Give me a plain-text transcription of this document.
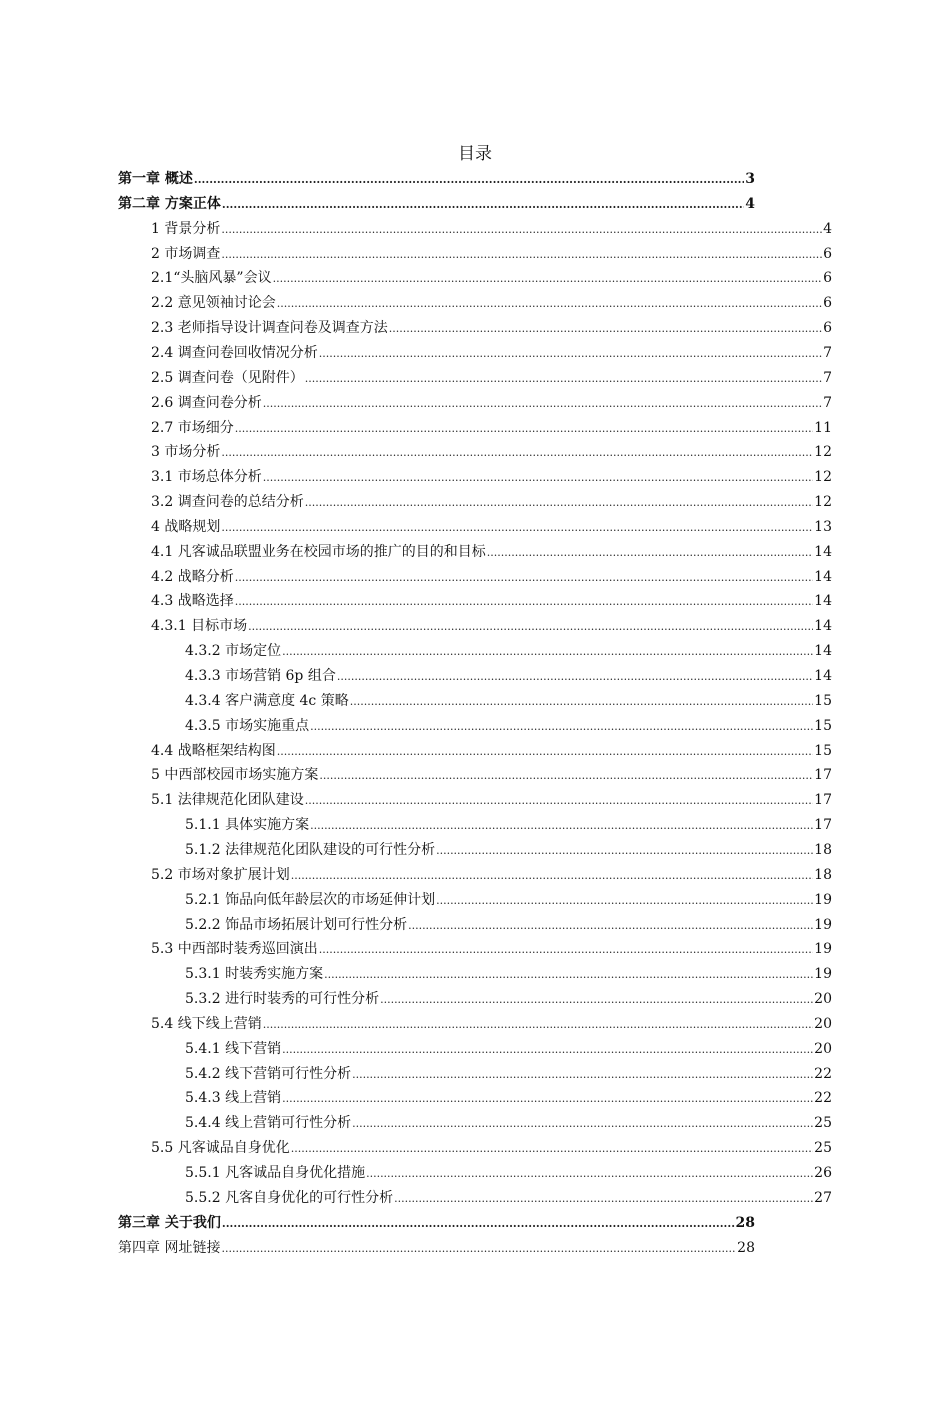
目录
第一章 概述 .....	3
第二章 方案正体 .....	4
1 背景分析 .....	4
2 市场调查 .....	6
2.1“头脑风暴”会议 .....	6
2.2 意见领袖讨论会 .....	6
2.3 老师指导设计调查问卷及调查方法 .....	6
2.4 调查问卷回收情况分析 .....	7
2.5 调查问卷（见附件） .....	7
2.6 调查问卷分析 .....	7
2.7 市场细分 .....	11
3 市场分析 .....	12
3.1 市场总体分析 .....	12
3.2 调查问卷的总结分析 .....	12
4 战略规划 .....	13
4.1 凡客诚品联盟业务在校园市场的推广的目的和目标 .....	14
4.2 战略分析 .....	14
4.3 战略选择 .....	14
4.3.1 目标市场 .....	14
4.3.2 市场定位 .....	14
4.3.3 市场营销 6p 组合 .....	14
4.3.4 客户满意度 4c 策略 .....	15
4.3.5 市场实施重点 .....	15
4.4 战略框架结构图 .....	15
5 中西部校园市场实施方案 .....	17
5.1 法律规范化团队建设 .....	17
5.1.1 具体实施方案 .....	17
5.1.2 法律规范化团队建设的可行性分析 .....	18
5.2 市场对象扩展计划 .....	18
5.2.1 饰品向低年龄层次的市场延伸计划 .....	19
5.2.2 饰品市场拓展计划可行性分析 .....	19
5.3 中西部时装秀巡回演出 .....	19
5.3.1 时装秀实施方案 .....	19
5.3.2 进行时装秀的可行性分析 .....	20
5.4 线下线上营销 .....	20
5.4.1 线下营销 .....	20
5.4.2 线下营销可行性分析 .....	22
5.4.3 线上营销 .....	22
5.4.4 线上营销可行性分析 .....	25
5.5 凡客诚品自身优化 .....	25
5.5.1 凡客诚品自身优化措施 .....	26
5.5.2 凡客自身优化的可行性分析 .....	27
第三章 关于我们 .....	28
第四章 网址链接 .....	28
